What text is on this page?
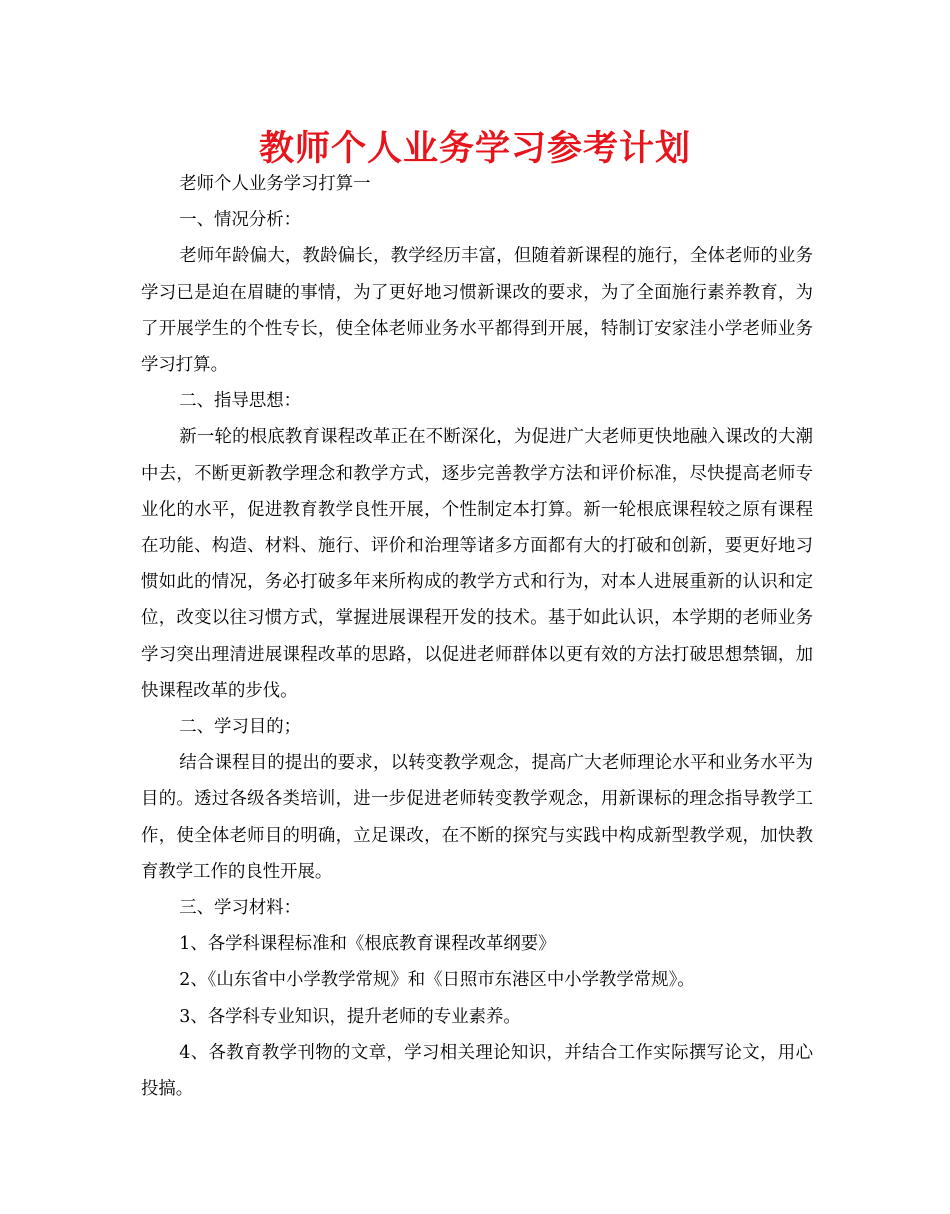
教师个人业务学习参考计划

老师个人业务学习打算一

一、情况分析：

老师年龄偏大，教龄偏长，教学经历丰富，但随着新课程的施行，全体老师的业务学习已是迫在眉睫的事情，为了更好地习惯新课改的要求，为了全面施行素养教育，为了开展学生的个性专长，使全体老师业务水平都得到开展，特制订安家洼小学老师业务学习打算。

二、指导思想：

新一轮的根底教育课程改革正在不断深化，为促进广大老师更快地融入课改的大潮中去，不断更新教学理念和教学方式，逐步完善教学方法和评价标准，尽快提高老师专业化的水平，促进教育教学良性开展，个性制定本打算。新一轮根底课程较之原有课程在功能、构造、材料、施行、评价和治理等诸多方面都有大的打破和创新，要更好地习惯如此的情况，务必打破多年来所构成的教学方式和行为，对本人进展重新的认识和定位，改变以往习惯方式，掌握进展课程开发的技术。基于如此认识，本学期的老师业务学习突出理清进展课程改革的思路，以促进老师群体以更有效的方法打破思想禁锢，加快课程改革的步伐。

二、学习目的；

结合课程目的提出的要求，以转变教学观念，提高广大老师理论水平和业务水平为目的。透过各级各类培训，进一步促进老师转变教学观念，用新课标的理念指导教学工作，使全体老师目的明确，立足课改，在不断的探究与实践中构成新型教学观，加快教育教学工作的良性开展。

三、学习材料：

1、各学科课程标准和《根底教育课程改革纲要》

2、《山东省中小学教学常规》和《日照市东港区中小学教学常规》。

3、各学科专业知识，提升老师的专业素养。

4、各教育教学刊物的文章，学习相关理论知识，并结合工作实际撰写论文，用心投搞。
